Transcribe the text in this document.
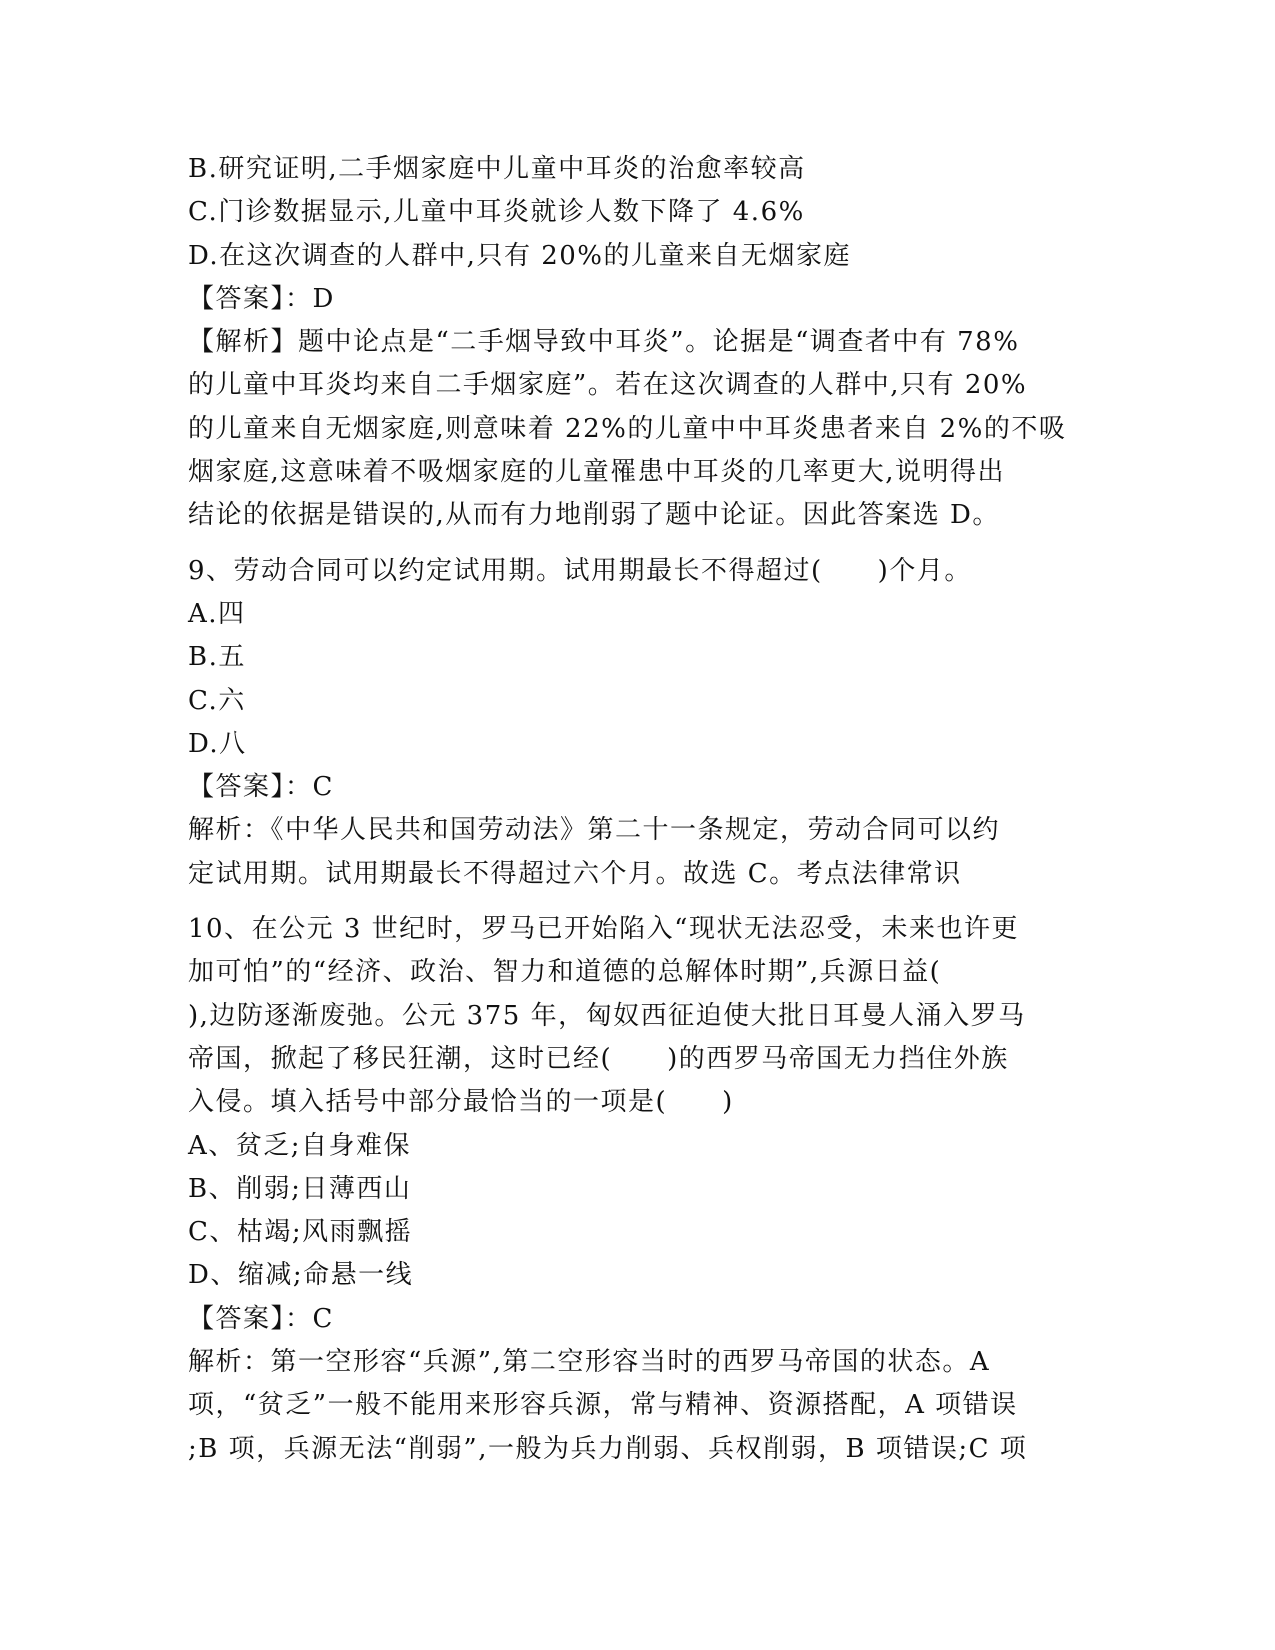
B.研究证明,二手烟家庭中儿童中耳炎的治愈率较高
C.门诊数据显示,儿童中耳炎就诊人数下降了 4.6%
D.在这次调查的人群中,只有 20%的儿童来自无烟家庭
【答案】：D
【解析】题中论点是“二手烟导致中耳炎”。论据是“调查者中有 78%
的儿童中耳炎均来自二手烟家庭”。若在这次调查的人群中,只有 20%
的儿童来自无烟家庭,则意味着 22%的儿童中中耳炎患者来自 2%的不吸
烟家庭,这意味着不吸烟家庭的儿童罹患中耳炎的几率更大,说明得出
结论的依据是错误的,从而有力地削弱了题中论证。因此答案选 D。
9、劳动合同可以约定试用期。试用期最长不得超过(　　)个月。
A.四
B.五
C.六
D.八
【答案】：C
解析：《中华人民共和国劳动法》第二十一条规定，劳动合同可以约
定试用期。试用期最长不得超过六个月。故选 C。考点法律常识
10、在公元 3 世纪时，罗马已开始陷入“现状无法忍受，未来也许更
加可怕”的“经济、政治、智力和道德的总解体时期”,兵源日益(
),边防逐渐废弛。公元 375 年，匈奴西征迫使大批日耳曼人涌入罗马
帝国，掀起了移民狂潮，这时已经(　　)的西罗马帝国无力挡住外族
入侵。填入括号中部分最恰当的一项是(　　)
A、贫乏;自身难保
B、削弱;日薄西山
C、枯竭;风雨飘摇
D、缩减;命悬一线
【答案】：C
解析：第一空形容“兵源”,第二空形容当时的西罗马帝国的状态。A
项，“贫乏”一般不能用来形容兵源，常与精神、资源搭配，A 项错误
;B 项，兵源无法“削弱”,一般为兵力削弱、兵权削弱，B 项错误;C 项
